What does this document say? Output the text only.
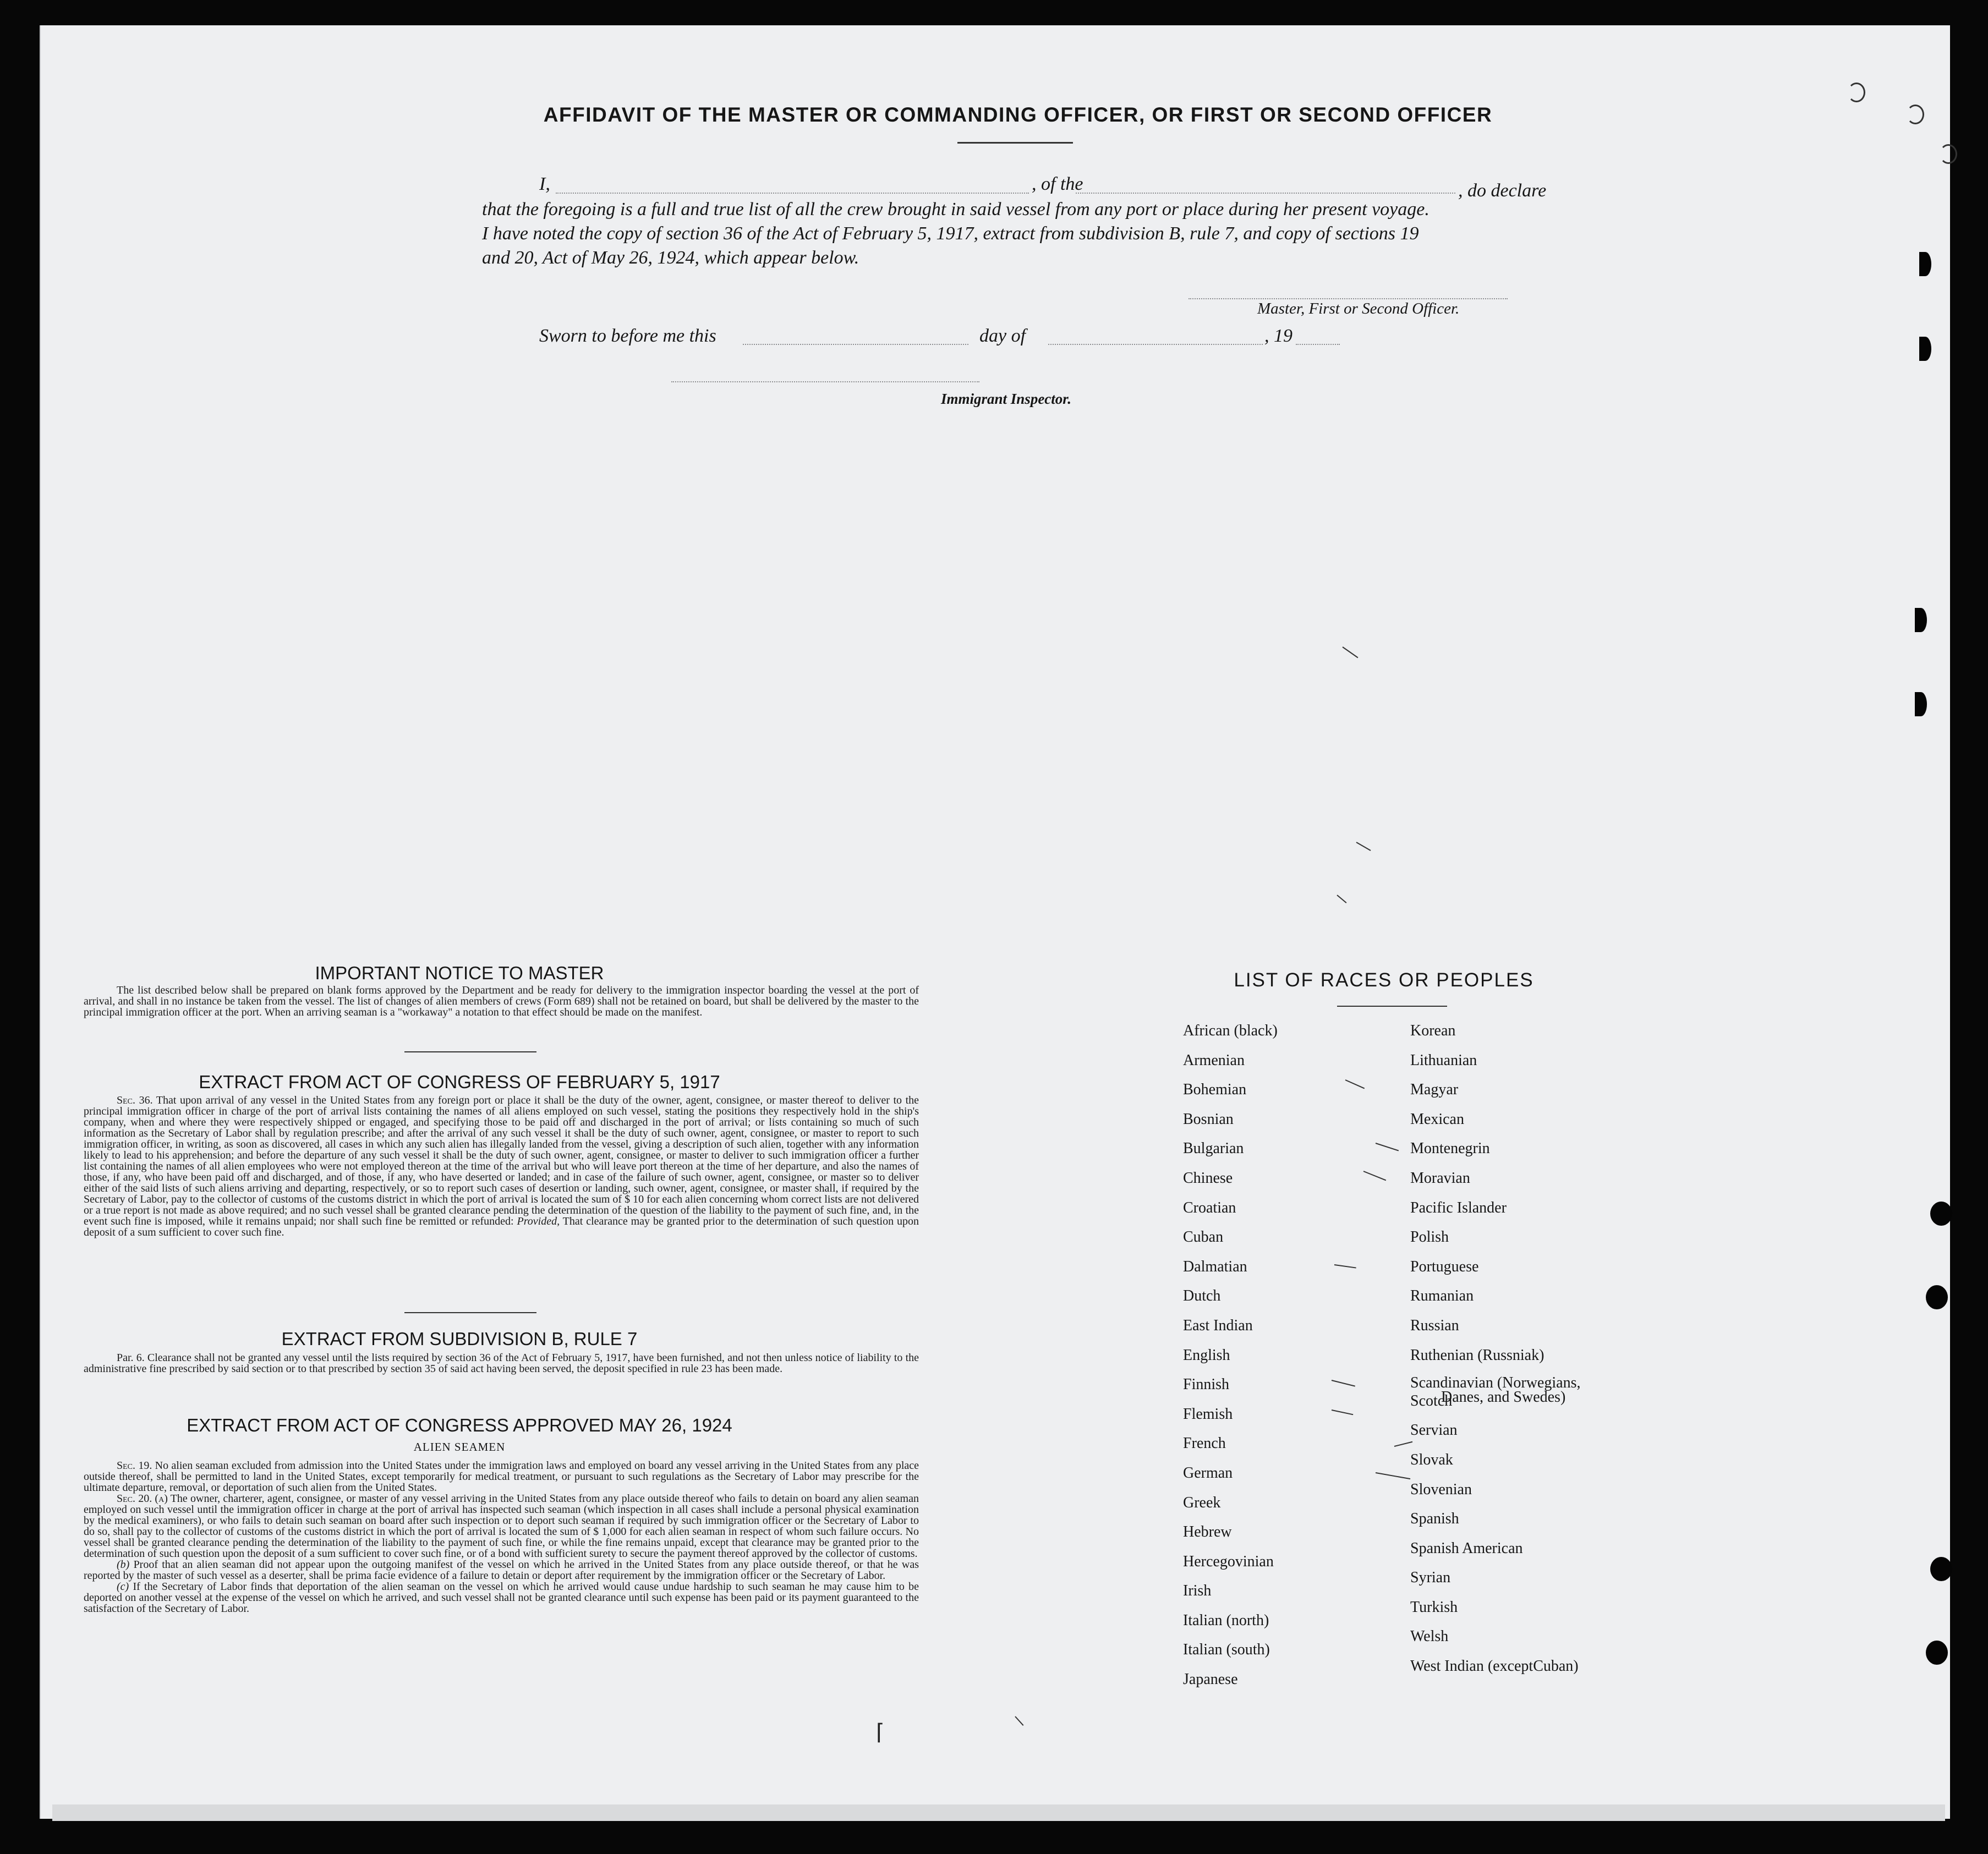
AFFIDAVIT OF THE MASTER OR COMMANDING OFFICER, OR FIRST OR SECOND OFFICER
I,	, of the	, do declare
that the foregoing is a full and true list of all the crew brought in said vessel from any port or place during her present voyage.
I have noted the copy of section 36 of the Act of February 5, 1917, extract from subdivision B, rule 7, and copy of sections 19
and 20, Act of May 26, 1924, which appear below.
Master, First or Second Officer.
Sworn to before me this	day of	, 19
Immigrant Inspector.
IMPORTANT NOTICE TO MASTER

The list described below shall be prepared on blank forms approved by the Department and be ready for delivery to the immigration inspector boarding the vessel at the port of arrival, and shall in no instance be taken from the vessel. The list of changes of alien members of crews (Form 689) shall not be retained on board, but shall be delivered by the master to the principal immigration officer at the port. When an arriving seaman is a "workaway" a notation to that effect should be made on the manifest.

EXTRACT FROM ACT OF CONGRESS OF FEBRUARY 5, 1917

Sec. 36. That upon arrival of any vessel in the United States from any foreign port or place it shall be the duty of the owner, agent, consignee, or master thereof to deliver to the principal immigration officer in charge of the port of arrival lists containing the names of all aliens employed on such vessel, stating the positions they respectively hold in the ship's company, when and where they were respectively shipped or engaged, and specifying those to be paid off and discharged in the port of arrival; or lists containing so much of such information as the Secretary of Labor shall by regulation prescribe; and after the arrival of any such vessel it shall be the duty of such owner, agent, consignee, or master to report to such immigration officer, in writing, as soon as discovered, all cases in which any such alien has illegally landed from the vessel, giving a description of such alien, together with any information likely to lead to his apprehension; and before the departure of any such vessel it shall be the duty of such owner, agent, consignee, or master to deliver to such immigration officer a further list containing the names of all alien employees who were not employed thereon at the time of the arrival but who will leave port thereon at the time of her departure, and also the names of those, if any, who have been paid off and discharged, and of those, if any, who have deserted or landed; and in case of the failure of such owner, agent, consignee, or master so to deliver either of the said lists of such aliens arriving and departing, respectively, or so to report such cases of desertion or landing, such owner, agent, consignee, or master shall, if required by the Secretary of Labor, pay to the collector of customs of the customs district in which the port of arrival is located the sum of $ 10 for each alien concerning whom correct lists are not delivered or a true report is not made as above required; and no such vessel shall be granted clearance pending the determination of the question of the liability to the payment of such fine, and, in the event such fine is imposed, while it remains unpaid; nor shall such fine be remitted or refunded: Provided, That clearance may be granted prior to the determination of such question upon deposit of a sum sufficient to cover such fine.

EXTRACT FROM SUBDIVISION B, RULE 7

Par. 6. Clearance shall not be granted any vessel until the lists required by section 36 of the Act of February 5, 1917, have been furnished, and not then unless notice of liability to the administrative fine prescribed by said section or to that prescribed by section 35 of said act having been served, the deposit specified in rule 23 has been made.

EXTRACT FROM ACT OF CONGRESS APPROVED MAY 26, 1924
ALIEN SEAMEN

Sec. 19. No alien seaman excluded from admission into the United States under the immigration laws and employed on board any vessel arriving in the United States from any place outside thereof, shall be permitted to land in the United States, except temporarily for medical treatment, or pursuant to such regulations as the Secretary of Labor may prescribe for the ultimate departure, removal, or deportation of such alien from the United States.

Sec. 20. (a) The owner, charterer, agent, consignee, or master of any vessel arriving in the United States from any place outside thereof who fails to detain on board any alien seaman employed on such vessel until the immigration officer in charge at the port of arrival has inspected such seaman (which inspection in all cases shall include a personal physical examination by the medical examiners), or who fails to detain such seaman on board after such inspection or to deport such seaman if required by such immigration officer or the Secretary of Labor to do so, shall pay to the collector of customs of the customs district in which the port of arrival is located the sum of $ 1,000 for each alien seaman in respect of whom such failure occurs. No vessel shall be granted clearance pending the determination of the liability to the payment of such fine, or while the fine remains unpaid, except that clearance may be granted prior to the determination of such question upon the deposit of a sum sufficient to cover such fine, or of a bond with sufficient surety to secure the payment thereof approved by the collector of customs.

(b) Proof that an alien seaman did not appear upon the outgoing manifest of the vessel on which he arrived in the United States from any place outside thereof, or that he was reported by the master of such vessel as a deserter, shall be prima facie evidence of a failure to detain or deport after requirement by the immigration officer or the Secretary of Labor.

(c) If the Secretary of Labor finds that deportation of the alien seaman on the vessel on which he arrived would cause undue hardship to such seaman he may cause him to be deported on another vessel at the expense of the vessel on which he arrived, and such vessel shall not be granted clearance until such expense has been paid or its payment guaranteed to the satisfaction of the Secretary of Labor.

LIST OF RACES OR PEOPLES
African (black)
Armenian
Bohemian
Bosnian
Bulgarian
Chinese
Croatian
Cuban
Dalmatian
Dutch
East Indian
English
Finnish
Flemish
French
German
Greek
Hebrew
Hercegovinian
Irish
Italian (north)
Italian (south)
Japanese
Korean
Lithuanian
Magyar
Mexican
Montenegrin
Moravian
Pacific Islander
Polish
Portuguese
Rumanian
Russian
Ruthenian (Russniak)
Scandinavian (Norwegians,
Danes, and Swedes)
Scotch
Servian
Slovak
Slovenian
Spanish
Spanish American
Syrian
Turkish
Welsh
West Indian (exceptCuban)
⌈
